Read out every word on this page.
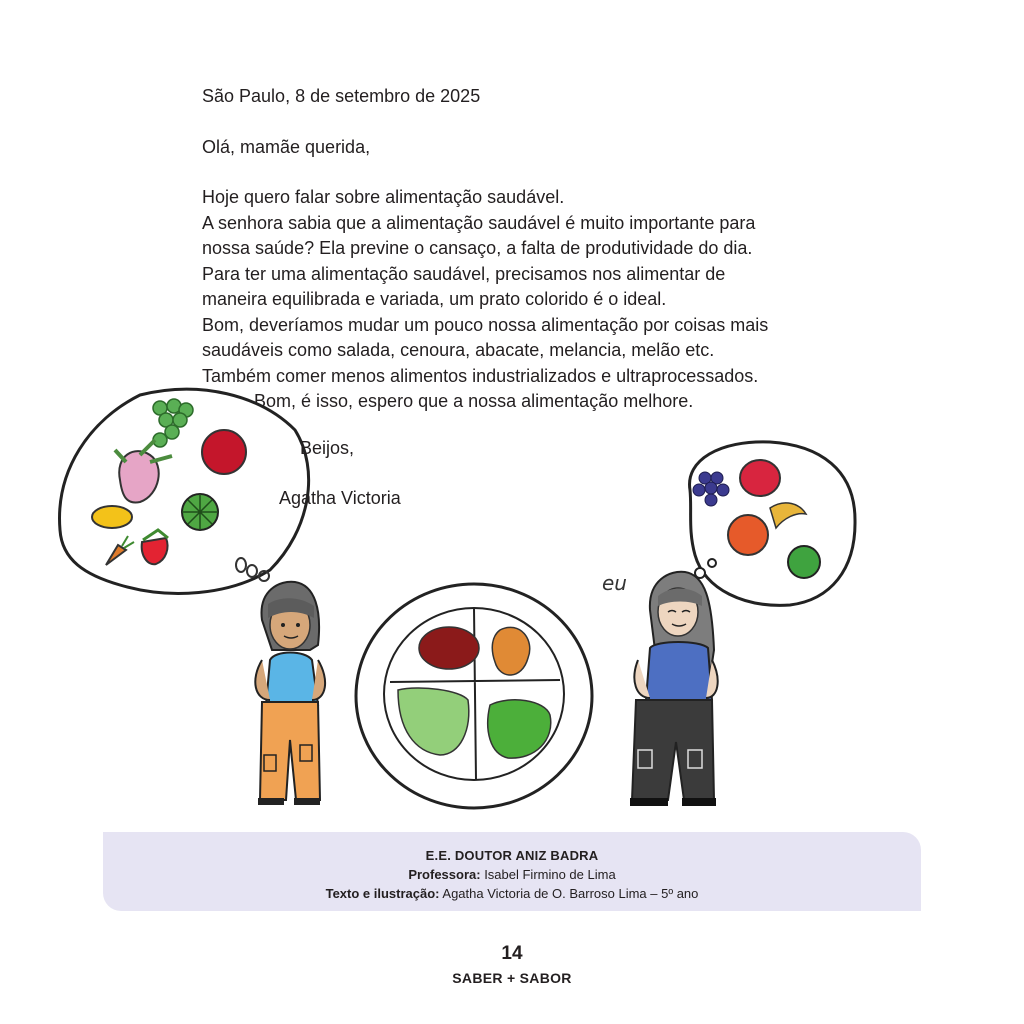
São Paulo, 8 de setembro de 2025
Olá, mamãe querida,
Hoje quero falar sobre alimentação saudável.
A senhora sabia que a alimentação saudável é muito importante para
nossa saúde? Ela previne o cansaço, a falta de produtividade do dia.
Para ter uma alimentação saudável, precisamos nos alimentar de
maneira equilibrada e variada, um prato colorido é o ideal.
Bom, deveríamos mudar um pouco nossa alimentação por coisas mais
saudáveis como salada, cenoura, abacate, melancia, melão etc.
Também comer menos alimentos industrializados e ultraprocessados.
Bom, é isso, espero que a nossa alimentação melhore.
eu
Beijos,
Agatha Victoria
E.E. DOUTOR ANIZ BADRA
Professora: Isabel Firmino de Lima
Texto e ilustração: Agatha Victoria de O. Barroso Lima – 5º ano
14
SABER + SABOR
